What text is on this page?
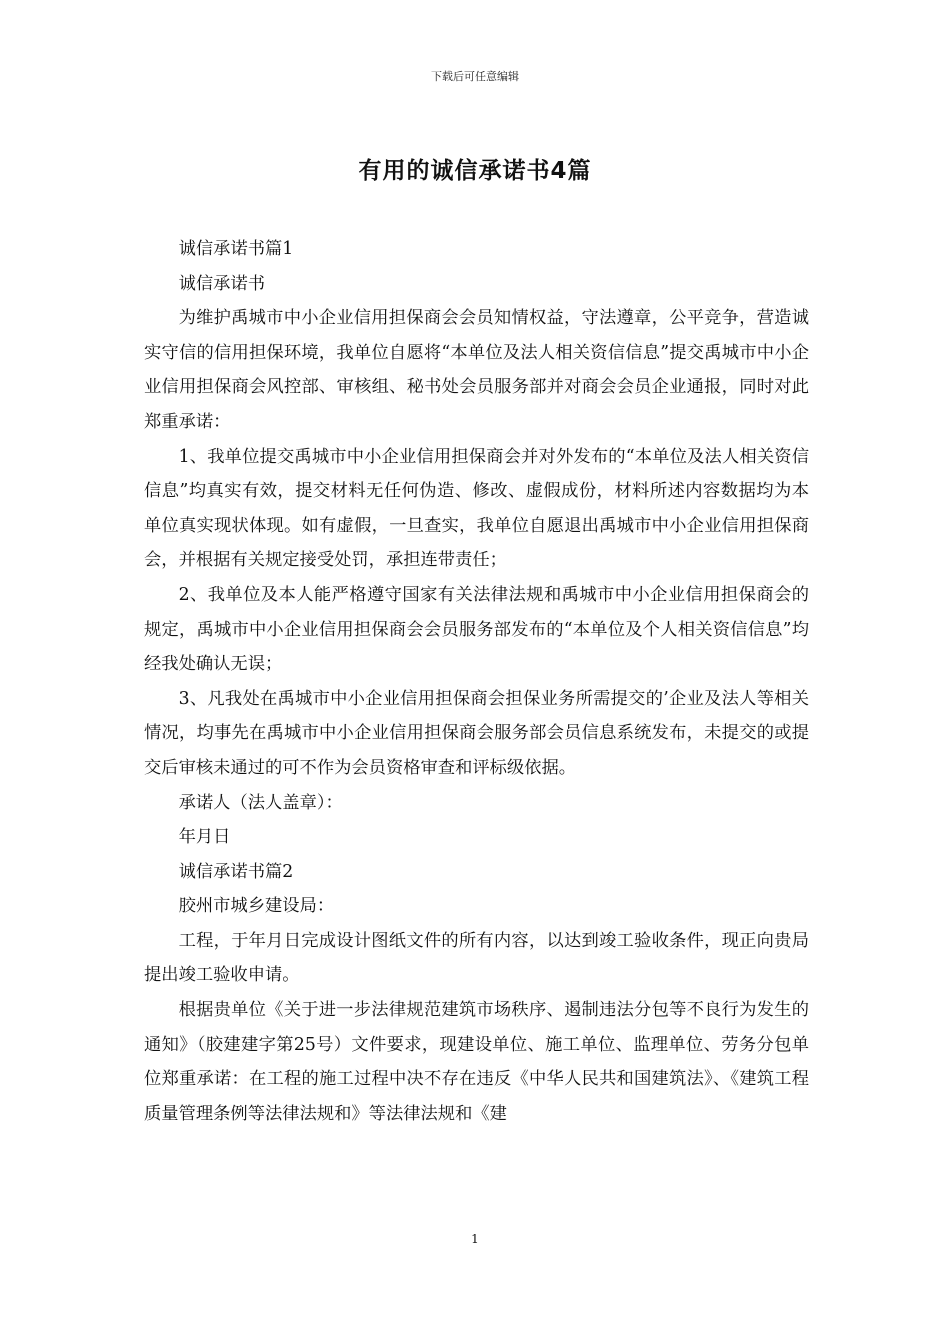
下载后可任意编辑
有用的诚信承诺书4篇

诚信承诺书篇1

诚信承诺书

为维护禹城市中小企业信用担保商会会员知情权益，守法遵章，公平竞争，营造诚实守信的信用担保环境，我单位自愿将“本单位及法人相关资信信息”提交禹城市中小企业信用担保商会风控部、审核组、秘书处会员服务部并对商会会员企业通报，同时对此郑重承诺：

1、我单位提交禹城市中小企业信用担保商会并对外发布的“本单位及法人相关资信信息”均真实有效，提交材料无任何伪造、修改、虚假成份，材料所述内容数据均为本单位真实现状体现。如有虚假，一旦查实，我单位自愿退出禹城市中小企业信用担保商会，并根据有关规定接受处罚，承担连带责任；

2、我单位及本人能严格遵守国家有关法律法规和禹城市中小企业信用担保商会的规定，禹城市中小企业信用担保商会会员服务部发布的“本单位及个人相关资信信息”均经我处确认无误；

3、凡我处在禹城市中小企业信用担保商会担保业务所需提交的’企业及法人等相关情况，均事先在禹城市中小企业信用担保商会服务部会员信息系统发布，未提交的或提交后审核未通过的可不作为会员资格审查和评标级依据。

承诺人（法人盖章）：

年月日

诚信承诺书篇2

胶州市城乡建设局：

工程，于年月日完成设计图纸文件的所有内容，以达到竣工验收条件，现正向贵局提出竣工验收申请。

根据贵单位《关于进一步法律规范建筑市场秩序、遏制违法分包等不良行为发生的通知》（胶建建字第25号）文件要求，现建设单位、施工单位、监理单位、劳务分包单位郑重承诺：在工程的施工过程中决不存在违反《中华人民共和国建筑法》、《建筑工程质量管理条例等法律法规和》等法律法规和《建

1
